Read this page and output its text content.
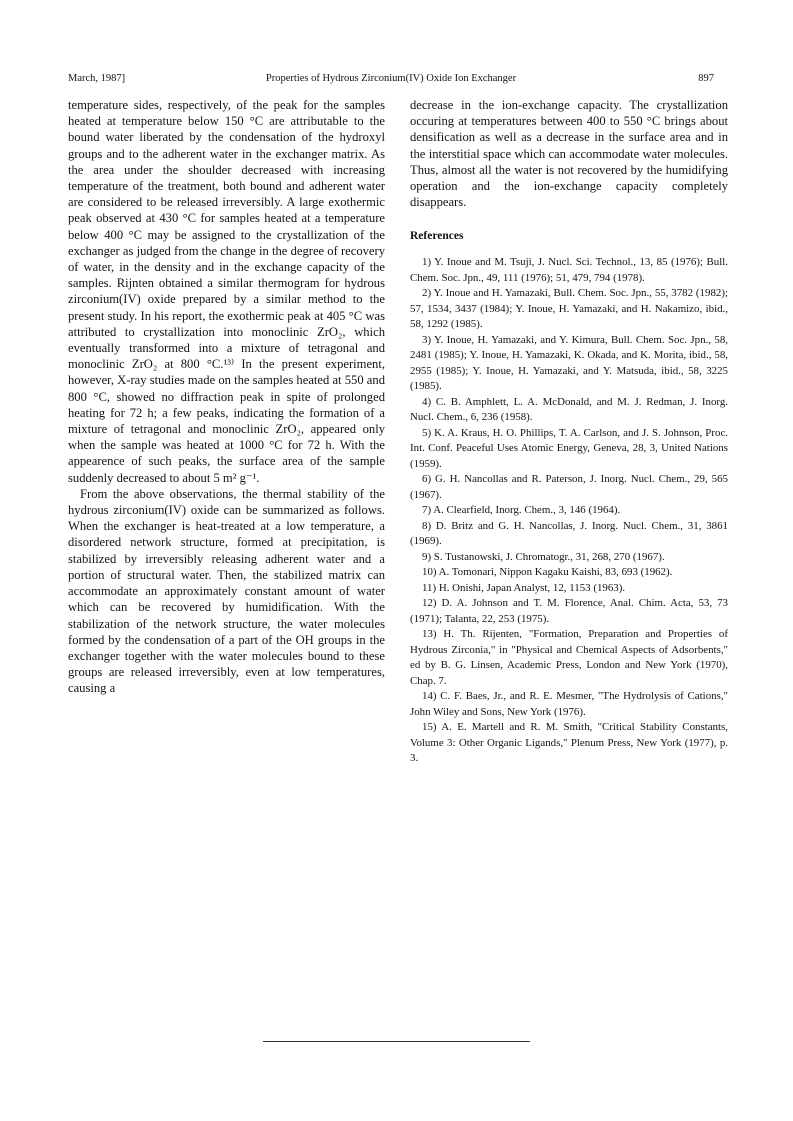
March, 1987]	Properties of Hydrous Zirconium(IV) Oxide Ion Exchanger	897

temperature sides, respectively, of the peak for the samples heated at temperature below 150 °C are attributable to the bound water liberated by the condensation of the hydroxyl groups and to the adherent water in the exchanger matrix. As the area under the shoulder decreased with increasing temperature of the treatment, both bound and adherent water are considered to be released irreversibly. A large exothermic peak observed at 430 °C for samples heated at a temperature below 400 °C may be assigned to the crystallization of the exchanger as judged from the change in the degree of recovery of water, in the density and in the exchange capacity of the samples. Rijnten obtained a similar thermogram for hydrous zirconium(IV) oxide prepared by a similar method to the present study. In his report, the exothermic peak at 405 °C was attributed to crystallization into monoclinic ZrO₂, which eventually transformed into a mixture of tetragonal and monoclinic ZrO₂ at 800 °C.¹³⁾ In the present experiment, however, X-ray studies made on the samples heated at 550 and 800 °C, showed no diffraction peak in spite of prolonged heating for 72 h; a few peaks, indicating the formation of a mixture of tetragonal and monoclinic ZrO₂, appeared only when the sample was heated at 1000 °C for 72 h. With the appearence of such peaks, the surface area of the sample suddenly decreased to about 5 m² g⁻¹.

From the above observations, the thermal stability of the hydrous zirconium(IV) oxide can be summarized as follows. When the exchanger is heat-treated at a low temperature, a disordered network structure, formed at precipitation, is stabilized by irreversibly releasing adherent water and a portion of structural water. Then, the stabilized matrix can accommodate an approximately constant amount of water which can be recovered by humidification. With the stabilization of the network structure, the water molecules formed by the condensation of a part of the OH groups in the exchanger together with the water molecules bound to these groups are released irreversibly, even at low temperatures, causing a

decrease in the ion-exchange capacity. The crystallization occuring at temperatures between 400 to 550 °C brings about densification as well as a decrease in the surface area and in the interstitial space which can accommodate water molecules. Thus, almost all the water is not recovered by the humidifying operation and the ion-exchange capacity completely disappears.

References

1) Y. Inoue and M. Tsuji, J. Nucl. Sci. Technol., 13, 85 (1976); Bull. Chem. Soc. Jpn., 49, 111 (1976); 51, 479, 794 (1978).

2) Y. Inoue and H. Yamazaki, Bull. Chem. Soc. Jpn., 55, 3782 (1982); 57, 1534, 3437 (1984); Y. Inoue, H. Yamazaki, and H. Nakamizo, ibid., 58, 1292 (1985).

3) Y. Inoue, H. Yamazaki, and Y. Kimura, Bull. Chem. Soc. Jpn., 58, 2481 (1985); Y. Inoue, H. Yamazaki, K. Okada, and K. Morita, ibid., 58, 2955 (1985); Y. Inoue, H. Yamazaki, and Y. Matsuda, ibid., 58, 3225 (1985).

4) C. B. Amphlett, L. A. McDonald, and M. J. Redman, J. Inorg. Nucl. Chem., 6, 236 (1958).

5) K. A. Kraus, H. O. Phillips, T. A. Carlson, and J. S. Johnson, Proc. Int. Conf. Peaceful Uses Atomic Energy, Geneva, 28, 3, United Nations (1959).

6) G. H. Nancollas and R. Paterson, J. Inorg. Nucl. Chem., 29, 565 (1967).

7) A. Clearfield, Inorg. Chem., 3, 146 (1964).

8) D. Britz and G. H. Nancollas, J. Inorg. Nucl. Chem., 31, 3861 (1969).

9) S. Tustanowski, J. Chromatogr., 31, 268, 270 (1967).

10) A. Tomonari, Nippon Kagaku Kaishi, 83, 693 (1962).

11) H. Onishi, Japan Analyst, 12, 1153 (1963).

12) D. A. Johnson and T. M. Florence, Anal. Chim. Acta, 53, 73 (1971); Talanta, 22, 253 (1975).

13) H. Th. Rijenten, "Formation, Preparation and Properties of Hydrous Zirconia," in "Physical and Chemical Aspects of Adsorbents," ed by B. G. Linsen, Academic Press, London and New York (1970), Chap. 7.

14) C. F. Baes, Jr., and R. E. Mesmer, "The Hydrolysis of Cations," John Wiley and Sons, New York (1976).

15) A. E. Martell and R. M. Smith, "Critical Stability Constants, Volume 3: Other Organic Ligands," Plenum Press, New York (1977), p. 3.
